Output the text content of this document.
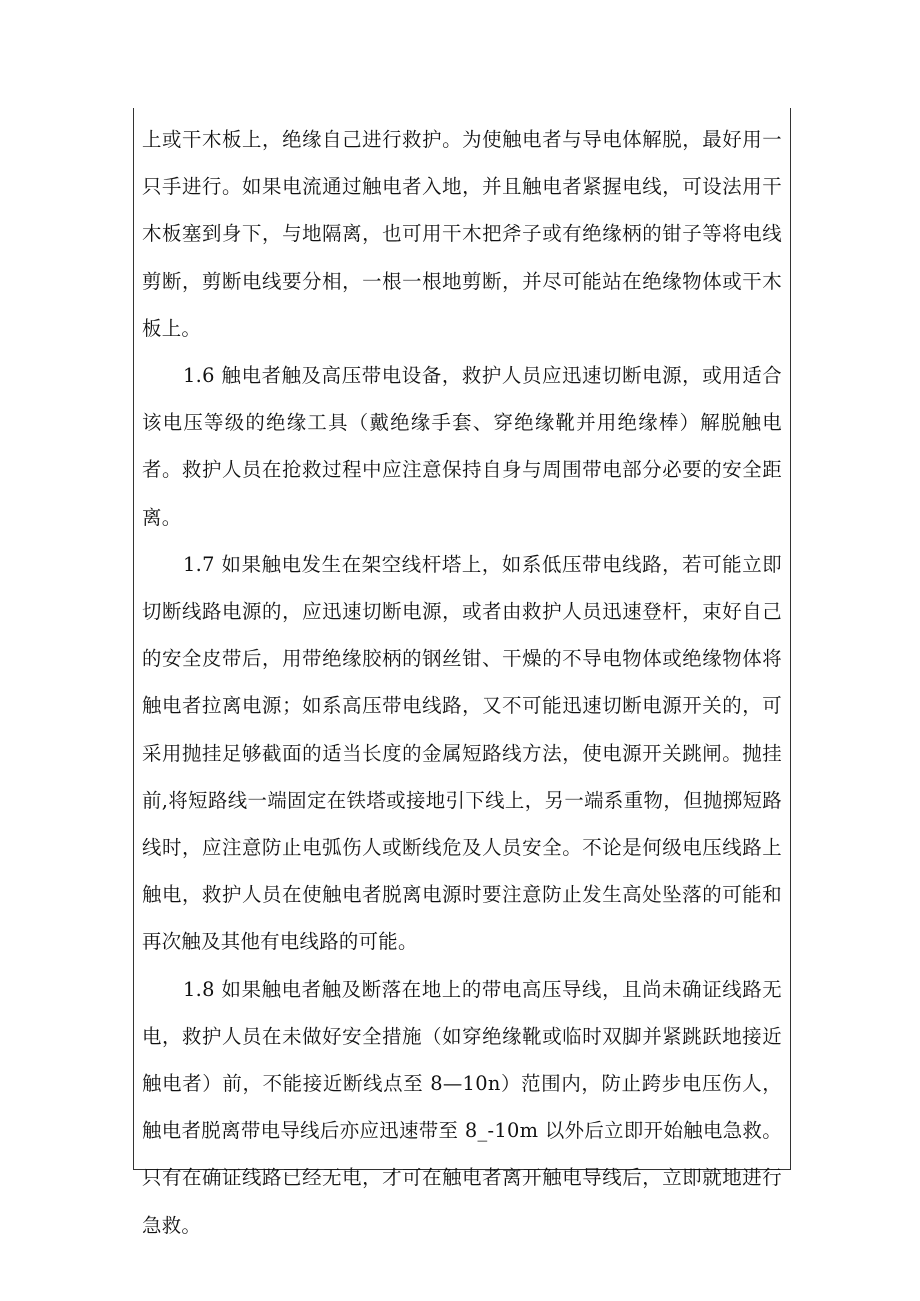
上或干木板上，绝缘自己进行救护。为使触电者与导电体解脱，最好用一只手进行。如果电流通过触电者入地，并且触电者紧握电线，可设法用干木板塞到身下，与地隔离，也可用干木把斧子或有绝缘柄的钳子等将电线剪断，剪断电线要分相，一根一根地剪断，并尽可能站在绝缘物体或干木板上。

1.6 触电者触及高压带电设备，救护人员应迅速切断电源，或用适合该电压等级的绝缘工具（戴绝缘手套、穿绝缘靴并用绝缘棒）解脱触电者。救护人员在抢救过程中应注意保持自身与周围带电部分必要的安全距离。

1.7 如果触电发生在架空线杆塔上，如系低压带电线路，若可能立即切断线路电源的，应迅速切断电源，或者由救护人员迅速登杆，束好自己的安全皮带后，用带绝缘胶柄的钢丝钳、干燥的不导电物体或绝缘物体将触电者拉离电源；如系高压带电线路，又不可能迅速切断电源开关的，可采用抛挂足够截面的适当长度的金属短路线方法，使电源开关跳闸。抛挂前,将短路线一端固定在铁塔或接地引下线上，另一端系重物，但抛掷短路线时，应注意防止电弧伤人或断线危及人员安全。不论是何级电压线路上触电，救护人员在使触电者脱离电源时要注意防止发生高处坠落的可能和再次触及其他有电线路的可能。

1.8 如果触电者触及断落在地上的带电高压导线，且尚未确证线路无电，救护人员在未做好安全措施（如穿绝缘靴或临时双脚并紧跳跃地接近触电者）前，不能接近断线点至 8—10n）范围内，防止跨步电压伤人，触电者脱离带电导线后亦应迅速带至 8_-10m 以外后立即开始触电急救。只有在确证线路已经无电，才可在触电者离开触电导线后，立即就地进行急救。
